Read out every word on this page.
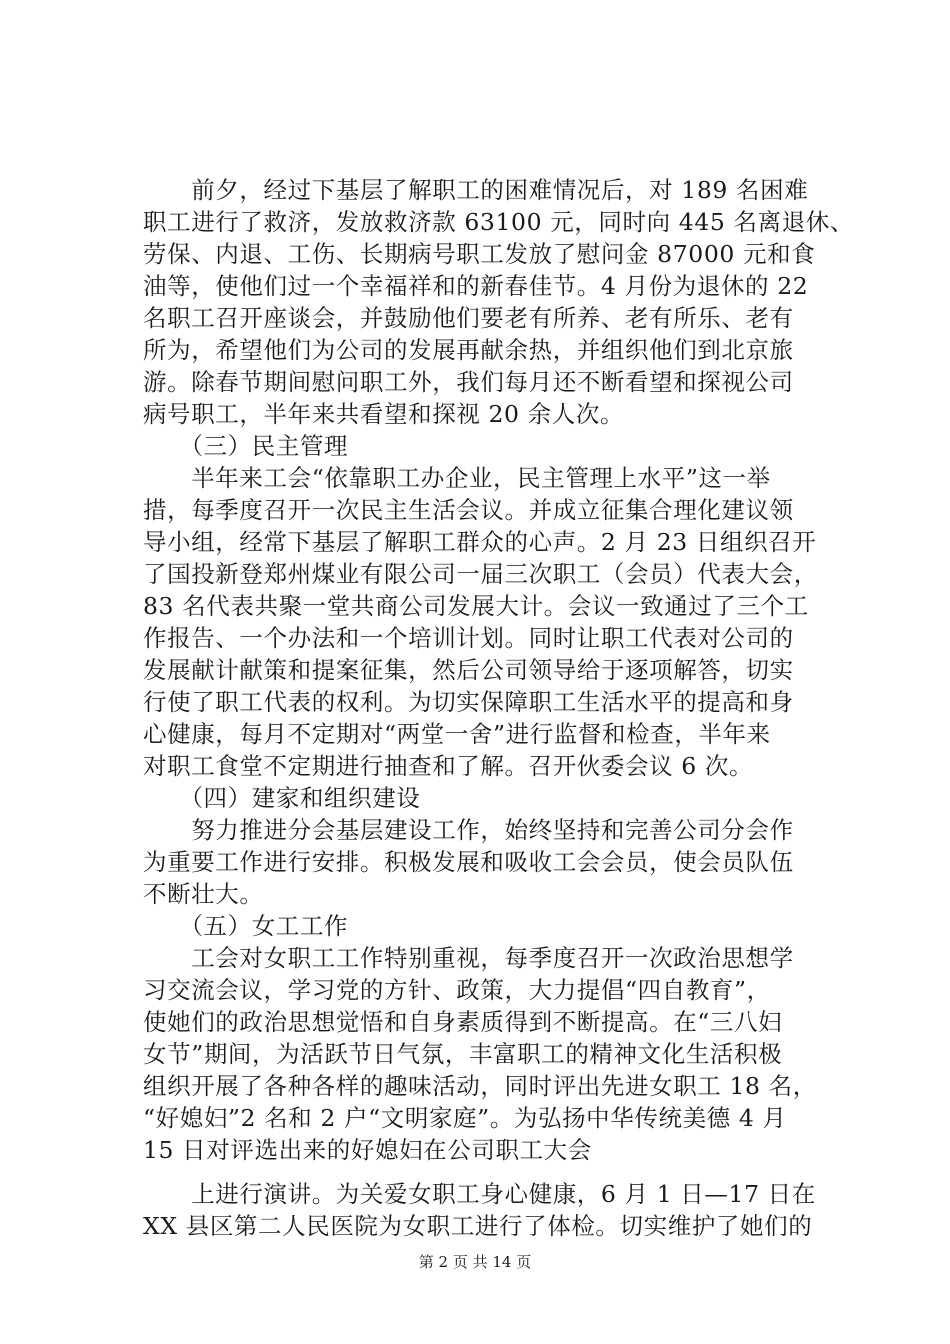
　　前夕，经过下基层了解职工的困难情况后，对 189 名困难
职工进行了救济，发放救济款 63100 元，同时向 445 名离退休、
劳保、内退、工伤、长期病号职工发放了慰问金 87000 元和食
油等，使他们过一个幸福祥和的新春佳节。4 月份为退休的 22
名职工召开座谈会，并鼓励他们要老有所养、老有所乐、老有
所为，希望他们为公司的发展再献余热，并组织他们到北京旅
游。除春节期间慰问职工外，我们每月还不断看望和探视公司
病号职工，半年来共看望和探视 20 余人次。
　　（三）民主管理
　　半年来工会“依靠职工办企业，民主管理上水平”这一举
措，每季度召开一次民主生活会议。并成立征集合理化建议领
导小组，经常下基层了解职工群众的心声。2 月 23 日组织召开
了国投新登郑州煤业有限公司一届三次职工（会员）代表大会，
83 名代表共聚一堂共商公司发展大计。会议一致通过了三个工
作报告、一个办法和一个培训计划。同时让职工代表对公司的
发展献计献策和提案征集，然后公司领导给于逐项解答，切实
行使了职工代表的权利。为切实保障职工生活水平的提高和身
心健康，每月不定期对“两堂一舍”进行监督和检查，半年来
对职工食堂不定期进行抽查和了解。召开伙委会议 6 次。
　　（四）建家和组织建设
　　努力推进分会基层建设工作，始终坚持和完善公司分会作
为重要工作进行安排。积极发展和吸收工会会员，使会员队伍
不断壮大。
　　（五）女工工作
　　工会对女职工工作特别重视，每季度召开一次政治思想学
习交流会议，学习党的方针、政策，大力提倡“四自教育”，
使她们的政治思想觉悟和自身素质得到不断提高。在“三八妇
女节”期间，为活跃节日气氛，丰富职工的精神文化生活积极
组织开展了各种各样的趣味活动，同时评出先进女职工 18 名，
“好媳妇”2 名和 2 户“文明家庭”。为弘扬中华传统美德 4 月
15 日对评选出来的好媳妇在公司职工大会
　　上进行演讲。为关爱女职工身心健康，6 月 1 日—17 日在
XX 县区第二人民医院为女职工进行了体检。切实维护了她们的
第 2 页 共 14 页
